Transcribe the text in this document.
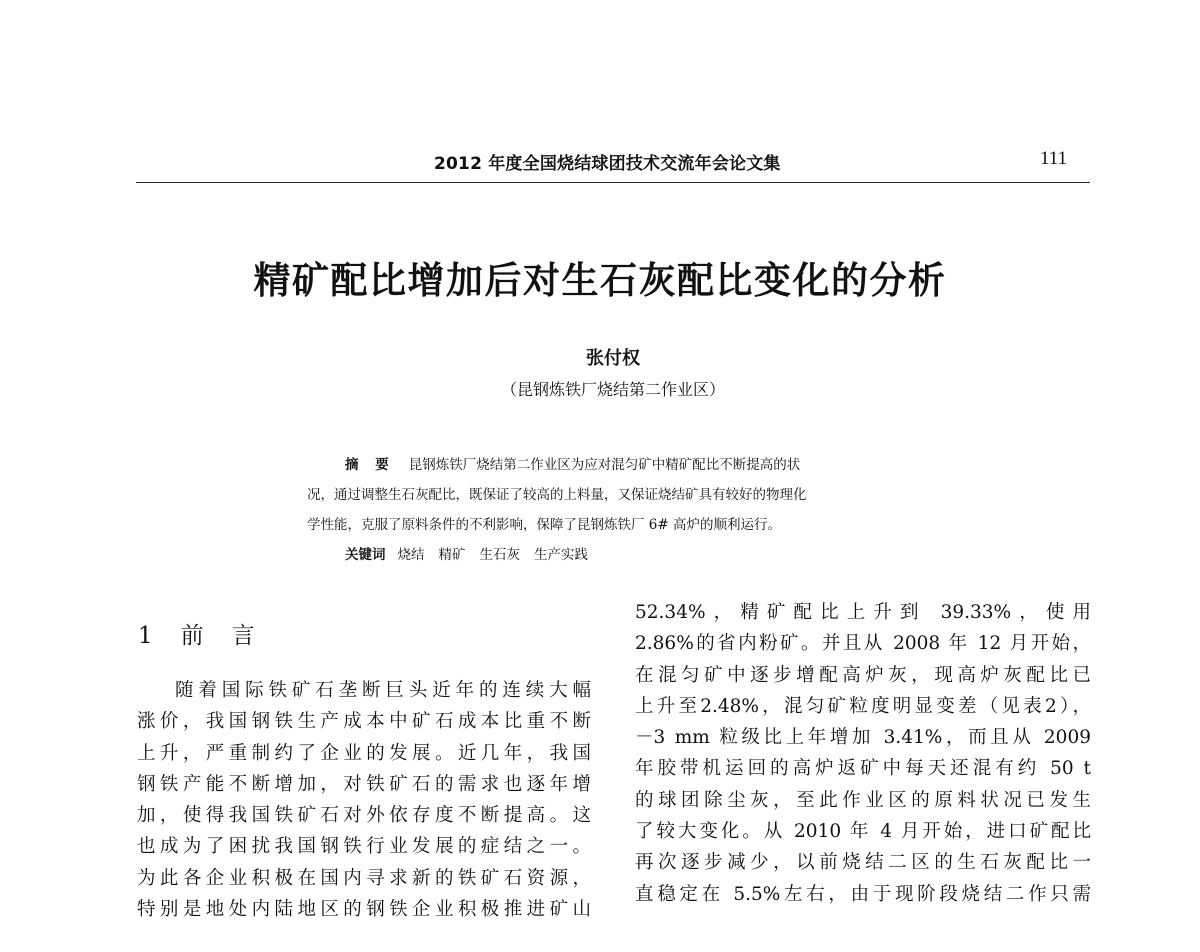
2012 年度全国烧结球团技术交流年会论文集	111
精矿配比增加后对生石灰配比变化的分析
张付权
（昆钢炼铁厂烧结第二作业区）
摘 要 昆钢炼铁厂烧结第二作业区为应对混匀矿中精矿配比不断提高的状
况，通过调整生石灰配比，既保证了较高的上料量，又保证烧结矿具有较好的物理化
学性能，克服了原料条件的不利影响，保障了昆钢炼铁厂 6# 高炉的顺利运行。
关键词 烧结 精矿 生石灰 生产实践
1 前言
随着国际铁矿石垄断巨头近年的连续大幅
涨价，我国钢铁生产成本中矿石成本比重不断
上升，严重制约了企业的发展。近几年，我国
钢铁产能不断增加，对铁矿石的需求也逐年增
加，使得我国铁矿石对外依存度不断提高。这
也成为了困扰我国钢铁行业发展的症结之一。
为此各企业积极在国内寻求新的铁矿石资源，
特别是地处内陆地区的钢铁企业积极推进矿山
52.34%，精矿配比上升到 39.33%，使用
2.86%的省内粉矿。并且从 2008 年 12 月开始，
在混匀矿中逐步增配高炉灰，现高炉灰配比已
上升至2.48%，混匀矿粒度明显变差（见表2），
－3 mm 粒级比上年增加 3.41%，而且从 2009
年胶带机运回的高炉返矿中每天还混有约 50 t
的球团除尘灰，至此作业区的原料状况已发生
了较大变化。从 2010 年 4 月开始，进口矿配比
再次逐步减少，以前烧结二区的生石灰配比一
直稳定在 5.5%左右，由于现阶段烧结二作只需
